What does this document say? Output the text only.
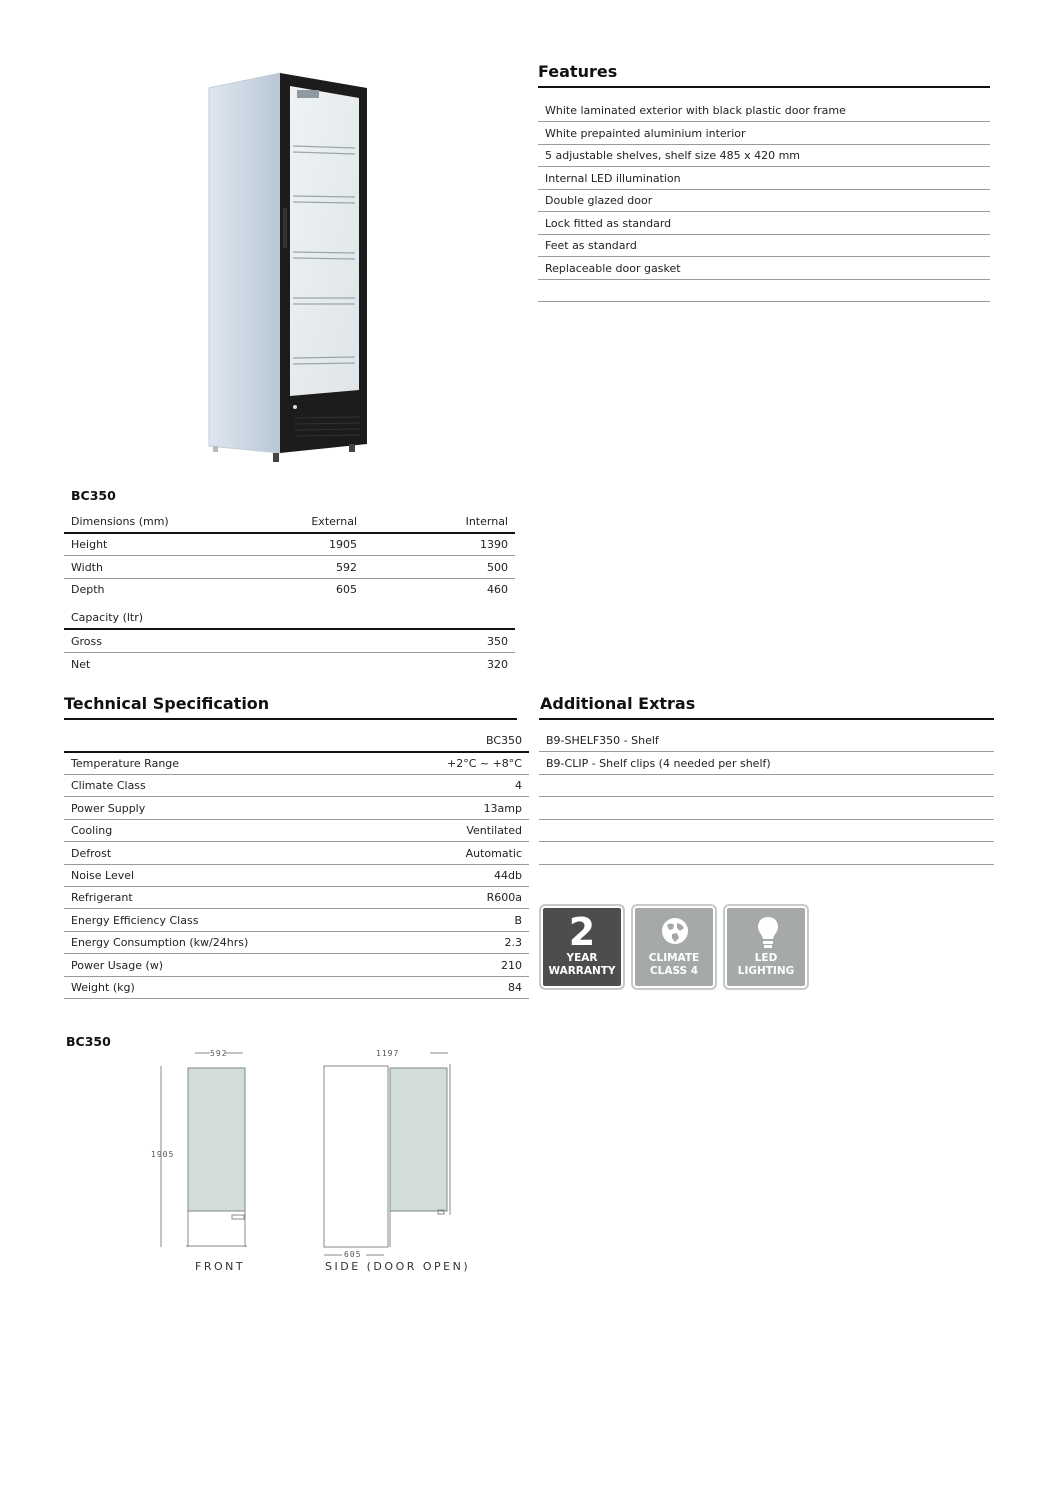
Features
White laminated exterior with black plastic door frame
White prepainted aluminium interior
5 adjustable shelves, shelf size 485 x 420 mm
Internal LED illumination
Double glazed door
Lock fitted as standard
Feet as standard
Replaceable door gasket
BC350
Dimensions (mm)	External	Internal
Height	1905	1390
Width	592	500
Depth	605	460
Capacity (ltr)
Gross	350
Net	320
Technical Specification
BC350
Temperature Range	+2°C ~ +8°C
Climate Class	4
Power Supply	13amp
Cooling	Ventilated
Defrost	Automatic
Noise Level	44db
Refrigerant	R600a
Energy Efficiency Class	B
Energy Consumption (kw/24hrs)	2.3
Power Usage (w)	210
Weight (kg)	84
Additional Extras
B9-SHELF350 - Shelf
B9-CLIP - Shelf clips (4 needed per shelf)
2
YEAR
WARRANTY
CLIMATE
CLASS 4
LED
LIGHTING
BC350
592
1905
1197
605
FRONT	SIDE (DOOR OPEN)
